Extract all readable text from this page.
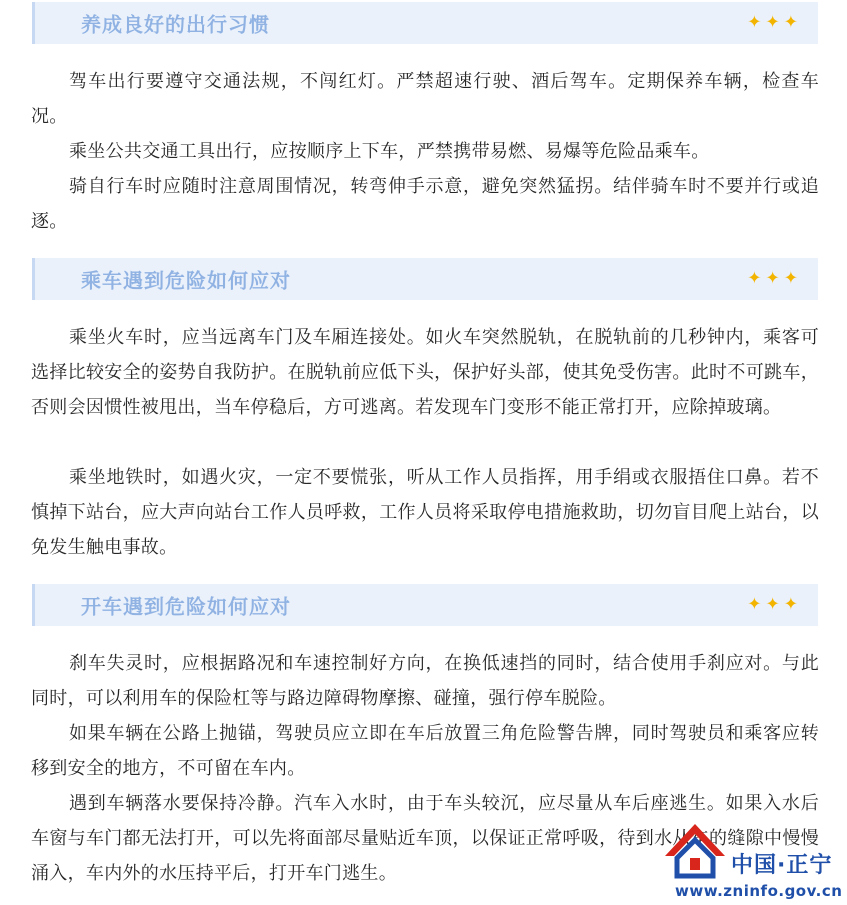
养成良好的出行习惯	✦✦✦

驾车出行要遵守交通法规，不闯红灯。严禁超速行驶、酒后驾车。定期保养车辆，检查车况。

乘坐公共交通工具出行，应按顺序上下车，严禁携带易燃、易爆等危险品乘车。

骑自行车时应随时注意周围情况，转弯伸手示意，避免突然猛拐。结伴骑车时不要并行或追逐。

乘车遇到危险如何应对	✦✦✦

乘坐火车时，应当远离车门及车厢连接处。如火车突然脱轨，在脱轨前的几秒钟内，乘客可选择比较安全的姿势自我防护。在脱轨前应低下头，保护好头部，使其免受伤害。此时不可跳车，否则会因惯性被甩出，当车停稳后，方可逃离。若发现车门变形不能正常打开，应除掉玻璃。

乘坐地铁时，如遇火灾，一定不要慌张，听从工作人员指挥，用手绢或衣服捂住口鼻。若不慎掉下站台，应大声向站台工作人员呼救，工作人员将采取停电措施救助，切勿盲目爬上站台，以免发生触电事故。

开车遇到危险如何应对	✦✦✦

刹车失灵时，应根据路况和车速控制好方向，在换低速挡的同时，结合使用手刹应对。与此同时，可以利用车的保险杠等与路边障碍物摩擦、碰撞，强行停车脱险。

如果车辆在公路上抛锚，驾驶员应立即在车后放置三角危险警告牌，同时驾驶员和乘客应转移到安全的地方，不可留在车内。

遇到车辆落水要保持冷静。汽车入水时，由于车头较沉，应尽量从车后座逃生。如果入水后车窗与车门都无法打开，可以先将面部尽量贴近车顶，以保证正常呼吸，待到水从车的缝隙中慢慢涌入，车内外的水压持平后，打开车门逃生。	中国·正宁
www.zninfo.gov.cn
